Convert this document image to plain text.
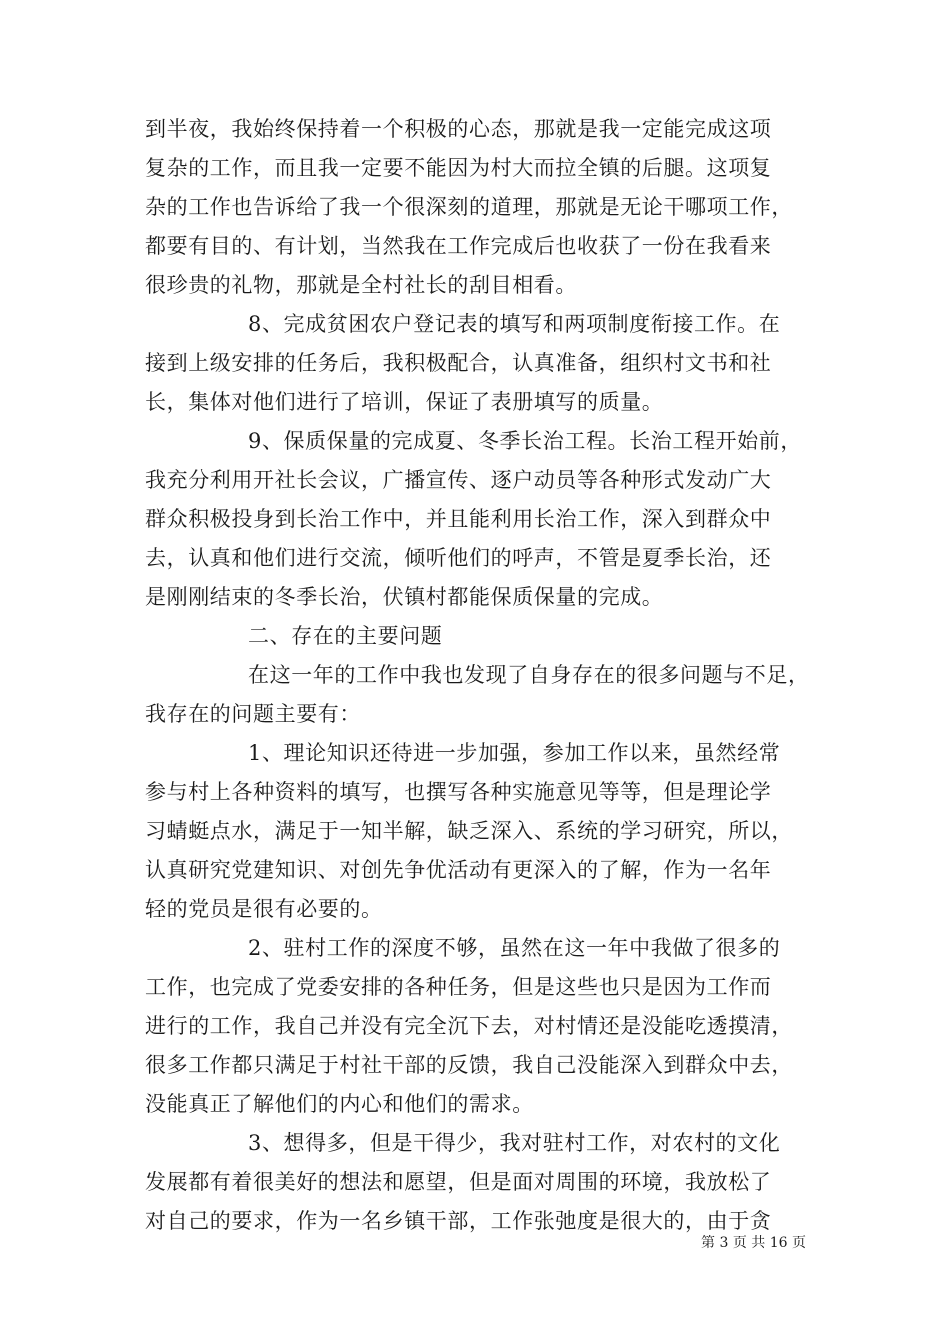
到半夜，我始终保持着一个积极的心态，那就是我一定能完成这项
复杂的工作，而且我一定要不能因为村大而拉全镇的后腿。这项复
杂的工作也告诉给了我一个很深刻的道理，那就是无论干哪项工作，
都要有目的、有计划，当然我在工作完成后也收获了一份在我看来
很珍贵的礼物，那就是全村社长的刮目相看。
8、完成贫困农户登记表的填写和两项制度衔接工作。在
接到上级安排的任务后，我积极配合，认真准备，组织村文书和社
长，集体对他们进行了培训，保证了表册填写的质量。
9、保质保量的完成夏、冬季长治工程。长治工程开始前，
我充分利用开社长会议，广播宣传、逐户动员等各种形式发动广大
群众积极投身到长治工作中，并且能利用长治工作，深入到群众中
去，认真和他们进行交流，倾听他们的呼声，不管是夏季长治，还
是刚刚结束的冬季长治，伏镇村都能保质保量的完成。
二、存在的主要问题
在这一年的工作中我也发现了自身存在的很多问题与不足，
我存在的问题主要有：
1、理论知识还待进一步加强，参加工作以来，虽然经常
参与村上各种资料的填写，也撰写各种实施意见等等，但是理论学
习蜻蜓点水，满足于一知半解，缺乏深入、系统的学习研究，所以，
认真研究党建知识、对创先争优活动有更深入的了解，作为一名年
轻的党员是很有必要的。
2、驻村工作的深度不够，虽然在这一年中我做了很多的
工作，也完成了党委安排的各种任务，但是这些也只是因为工作而
进行的工作，我自己并没有完全沉下去，对村情还是没能吃透摸清，
很多工作都只满足于村社干部的反馈，我自己没能深入到群众中去，
没能真正了解他们的内心和他们的需求。
3、想得多，但是干得少，我对驻村工作，对农村的文化
发展都有着很美好的想法和愿望，但是面对周围的环境，我放松了
对自己的要求，作为一名乡镇干部，工作张弛度是很大的，由于贪
第 3 页 共 16 页
